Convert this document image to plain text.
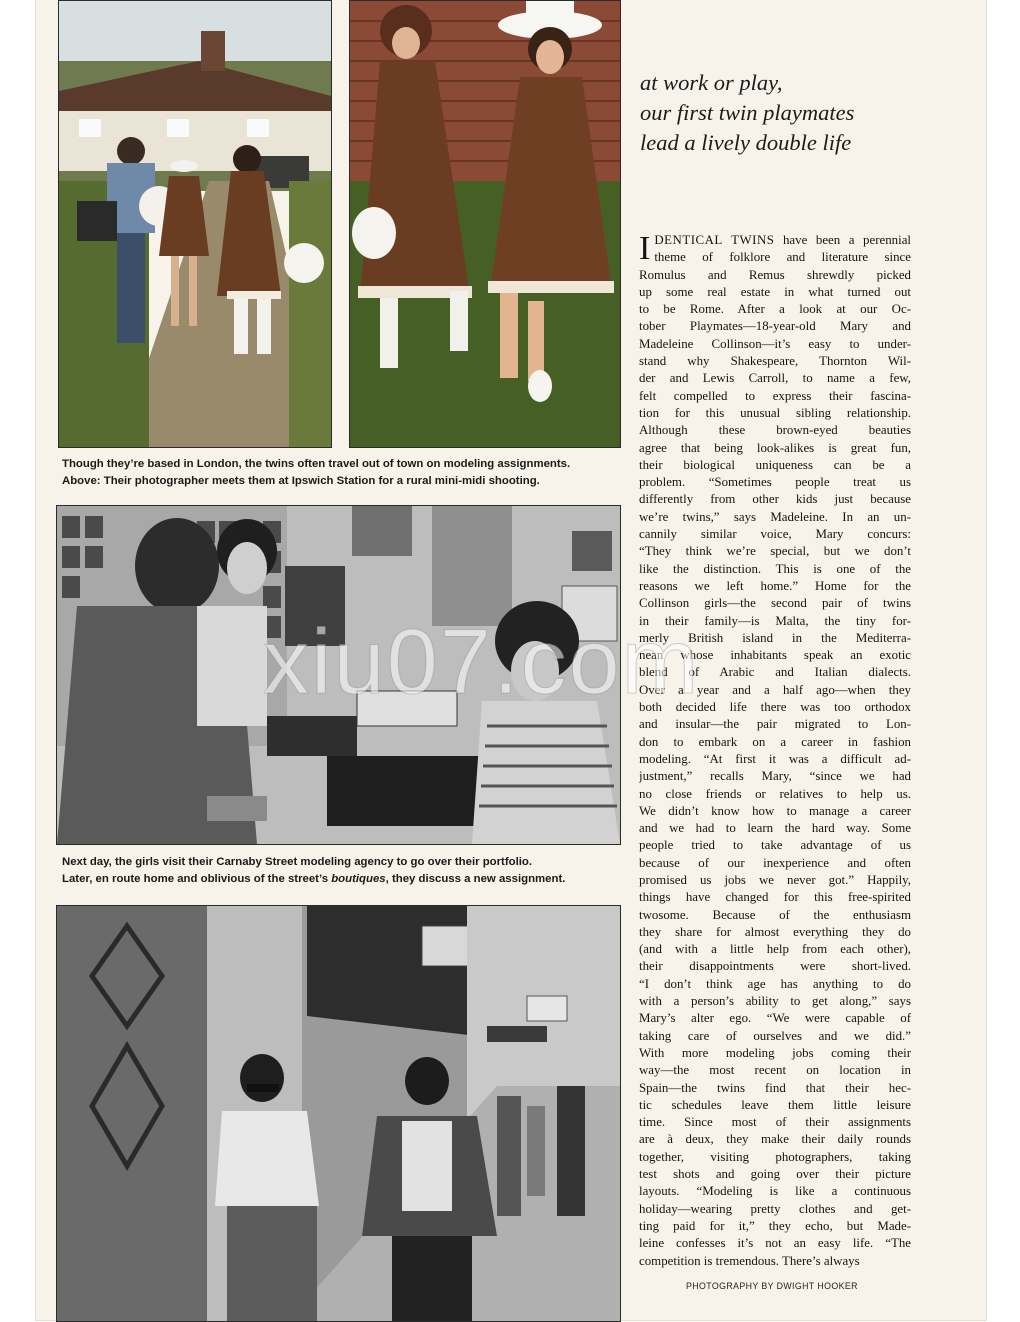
at work or play,
our first twin playmates
lead a lively double life

Though they’re based in London, the twins often travel out of town on modeling assignments.

Above: Their photographer meets them at Ipswich Station for a rural mini-midi shooting.

Next day, the girls visit their Carnaby Street modeling agency to go over their portfolio.

Later, en route home and oblivious of the street’s boutiques, they discuss a new assignment.

I DENTICAL TWINS have been a perennial
theme of folklore and literature since
Romulus and Remus shrewdly picked
up some real estate in what turned out
to be Rome. After a look at our Oc-
tober Playmates—18-year-old Mary and
Madeleine Collinson—it’s easy to under-
stand why Shakespeare, Thornton Wil-
der and Lewis Carroll, to name a few,
felt compelled to express their fascina-
tion for this unusual sibling relationship.
Although these brown-eyed beauties
agree that being look-alikes is great fun,
their biological uniqueness can be a
problem. “Sometimes people treat us
differently from other kids just because
we’re twins,” says Madeleine. In an un-
cannily similar voice, Mary concurs:
“They think we’re special, but we don’t
like the distinction. This is one of the
reasons we left home.” Home for the
Collinson girls—the second pair of twins
in their family—is Malta, the tiny for-
merly British island in the Mediterra-
nean whose inhabitants speak an exotic
blend of Arabic and Italian dialects.
Over a year and a half ago—when they
both decided life there was too orthodox
and insular—the pair migrated to Lon-
don to embark on a career in fashion
modeling. “At first it was a difficult ad-
justment,” recalls Mary, “since we had
no close friends or relatives to help us.
We didn’t know how to manage a career
and we had to learn the hard way. Some
people tried to take advantage of us
because of our inexperience and often
promised us jobs we never got.” Happily,
things have changed for this free-spirited
twosome. Because of the enthusiasm
they share for almost everything they do
(and with a little help from each other),
their disappointments were short-lived.
“I don’t think age has anything to do
with a person’s ability to get along,” says
Mary’s alter ego. “We were capable of
taking care of ourselves and we did.”
With more modeling jobs coming their
way—the most recent on location in
Spain—the twins find that their hec-
tic schedules leave them little leisure
time. Since most of their assignments
are à deux, they make their daily rounds
together, visiting photographers, taking
test shots and going over their picture
layouts. “Modeling is like a continuous
holiday—wearing pretty clothes and get-
ting paid for it,” they echo, but Made-
leine confesses it’s not an easy life. “The
competition is tremendous. There’s always
PHOTOGRAPHY BY DWIGHT HOOKER
xiu07.com
